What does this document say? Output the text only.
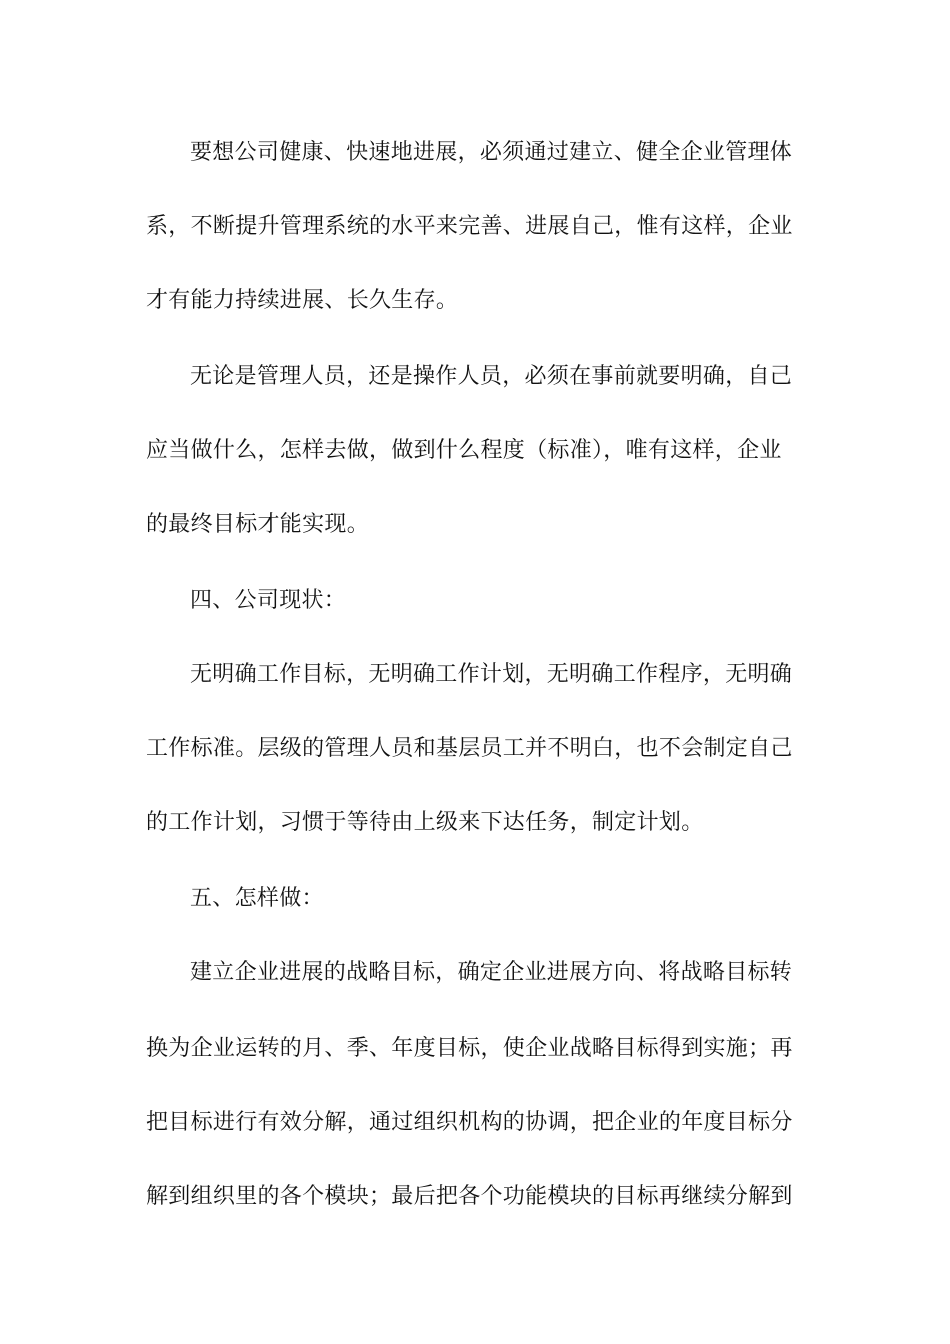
要想公司健康、快速地进展，必须通过建立、健全企业管理体
系，不断提升管理系统的水平来完善、进展自己，惟有这样，企业
才有能力持续进展、长久生存。
无论是管理人员，还是操作人员，必须在事前就要明确，自己
应当做什么，怎样去做，做到什么程度（标准），唯有这样，企业
的最终目标才能实现。
四、公司现状：
无明确工作目标，无明确工作计划，无明确工作程序，无明确
工作标准。层级的管理人员和基层员工并不明白，也不会制定自己
的工作计划，习惯于等待由上级来下达任务，制定计划。
五、怎样做：
建立企业进展的战略目标，确定企业进展方向、将战略目标转
换为企业运转的月、季、年度目标，使企业战略目标得到实施；再
把目标进行有效分解，通过组织机构的协调，把企业的年度目标分
解到组织里的各个模块；最后把各个功能模块的目标再继续分解到
